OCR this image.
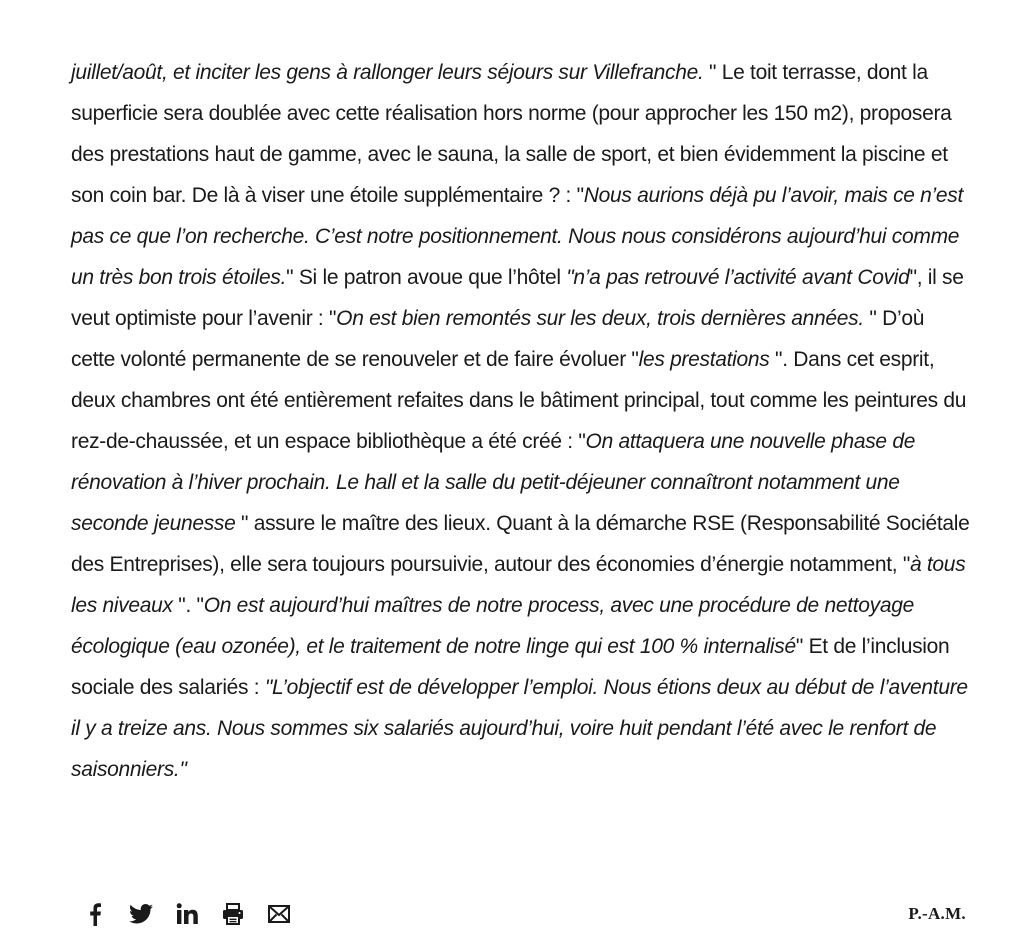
juillet/août, et inciter les gens à rallonger leurs séjours sur Villefranche. " Le toit terrasse, dont la superficie sera doublée avec cette réalisation hors norme (pour approcher les 150 m2), proposera des prestations haut de gamme, avec le sauna, la salle de sport, et bien évidemment la piscine et son coin bar. De là à viser une étoile supplémentaire ? : "Nous aurions déjà pu l’avoir, mais ce n’est pas ce que l’on recherche. C’est notre positionnement. Nous nous considérons aujourd’hui comme un très bon trois étoiles." Si le patron avoue que l’hôtel "n’a pas retrouvé l’activité avant Covid", il se veut optimiste pour l’avenir : "On est bien remontés sur les deux, trois dernières années. " D’où cette volonté permanente de se renouveler et de faire évoluer "les prestations ". Dans cet esprit, deux chambres ont été entièrement refaites dans le bâtiment principal, tout comme les peintures du rez-de-chaussée, et un espace bibliothèque a été créé : "On attaquera une nouvelle phase de rénovation à l’hiver prochain. Le hall et la salle du petit-déjeuner connaîtront notamment une seconde jeunesse " assure le maître des lieux. Quant à la démarche RSE (Responsabilité Sociétale des Entreprises), elle sera toujours poursuivie, autour des économies d’énergie notamment, "à tous les niveaux ". "On est aujourd’hui maîtres de notre process, avec une procédure de nettoyage écologique (eau ozonée), et le traitement de notre linge qui est 100 % internalisé" Et de l’inclusion sociale des salariés : "L’objectif est de développer l’emploi. Nous étions deux au début de l’aventure il y a treize ans. Nous sommes six salariés aujourd’hui, voire huit pendant l’été avec le renfort de saisonniers."

P.-A.M.
